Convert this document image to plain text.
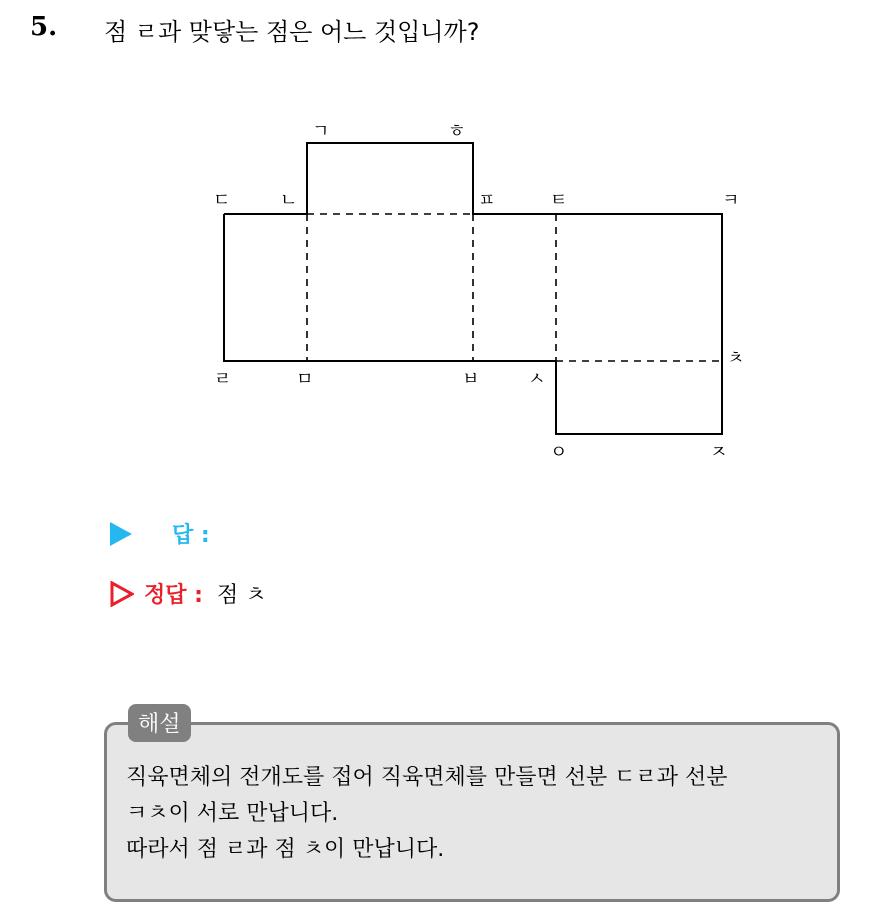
5. 점 ㄹ과 맞닿는 점은 어느 것입니까?
ㄱ	ㅎ
ㄷ	ㄴ	ㅍ	ㅌ	ㅋ
ㅊ
ㄹ	ㅁ	ㅂ	ㅅ
ㅇ	ㅈ
답 :
정답 : 점 ㅊ
해설
직육면체의 전개도를 접어 직육면체를 만들면 선분 ㄷㄹ과 선분
ㅋㅊ이 서로 만납니다.
따라서 점 ㄹ과 점 ㅊ이 만납니다.
